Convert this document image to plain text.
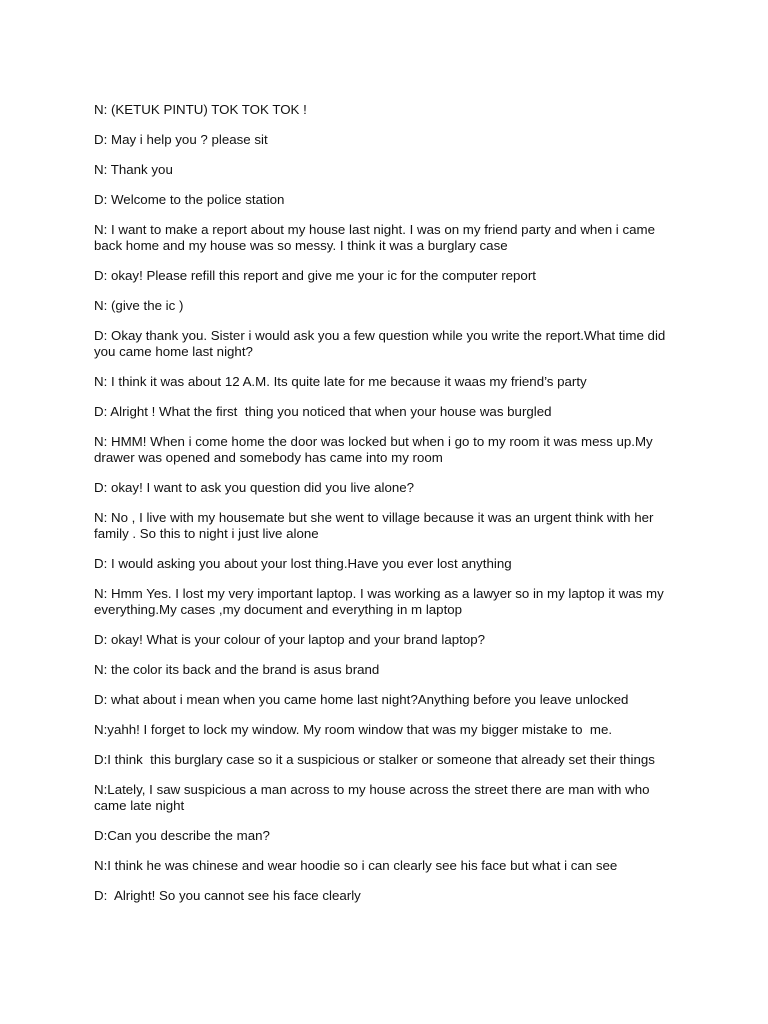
N: (KETUK PINTU) TOK TOK TOK !

D: May i help you ? please sit

N: Thank you

D: Welcome to the police station

N: I want to make a report about my house last night. I was on my friend party and when i came back home and my house was so messy. I think it was a burglary case

D: okay! Please refill this report and give me your ic for the computer report

N: (give the ic )

D: Okay thank you. Sister i would ask you a few question while you write the report.What time did you came home last night?

N: I think it was about 12 A.M. Its quite late for me because it waas my friend’s party

D: Alright ! What the first  thing you noticed that when your house was burgled

N: HMM! When i come home the door was locked but when i go to my room it was mess up.My drawer was opened and somebody has came into my room

D: okay! I want to ask you question did you live alone?

N: No , I live with my housemate but she went to village because it was an urgent think with her family . So this to night i just live alone

D: I would asking you about your lost thing.Have you ever lost anything

N: Hmm Yes. I lost my very important laptop. I was working as a lawyer so in my laptop it was my everything.My cases ,my document and everything in m laptop

D: okay! What is your colour of your laptop and your brand laptop?

N: the color its back and the brand is asus brand

D: what about i mean when you came home last night?Anything before you leave unlocked

N:yahh! I forget to lock my window. My room window that was my bigger mistake to  me.

D:I think  this burglary case so it a suspicious or stalker or someone that already set their things

N:Lately, I saw suspicious a man across to my house across the street there are man with who came late night

D:Can you describe the man?

N:I think he was chinese and wear hoodie so i can clearly see his face but what i can see

D:  Alright! So you cannot see his face clearly
